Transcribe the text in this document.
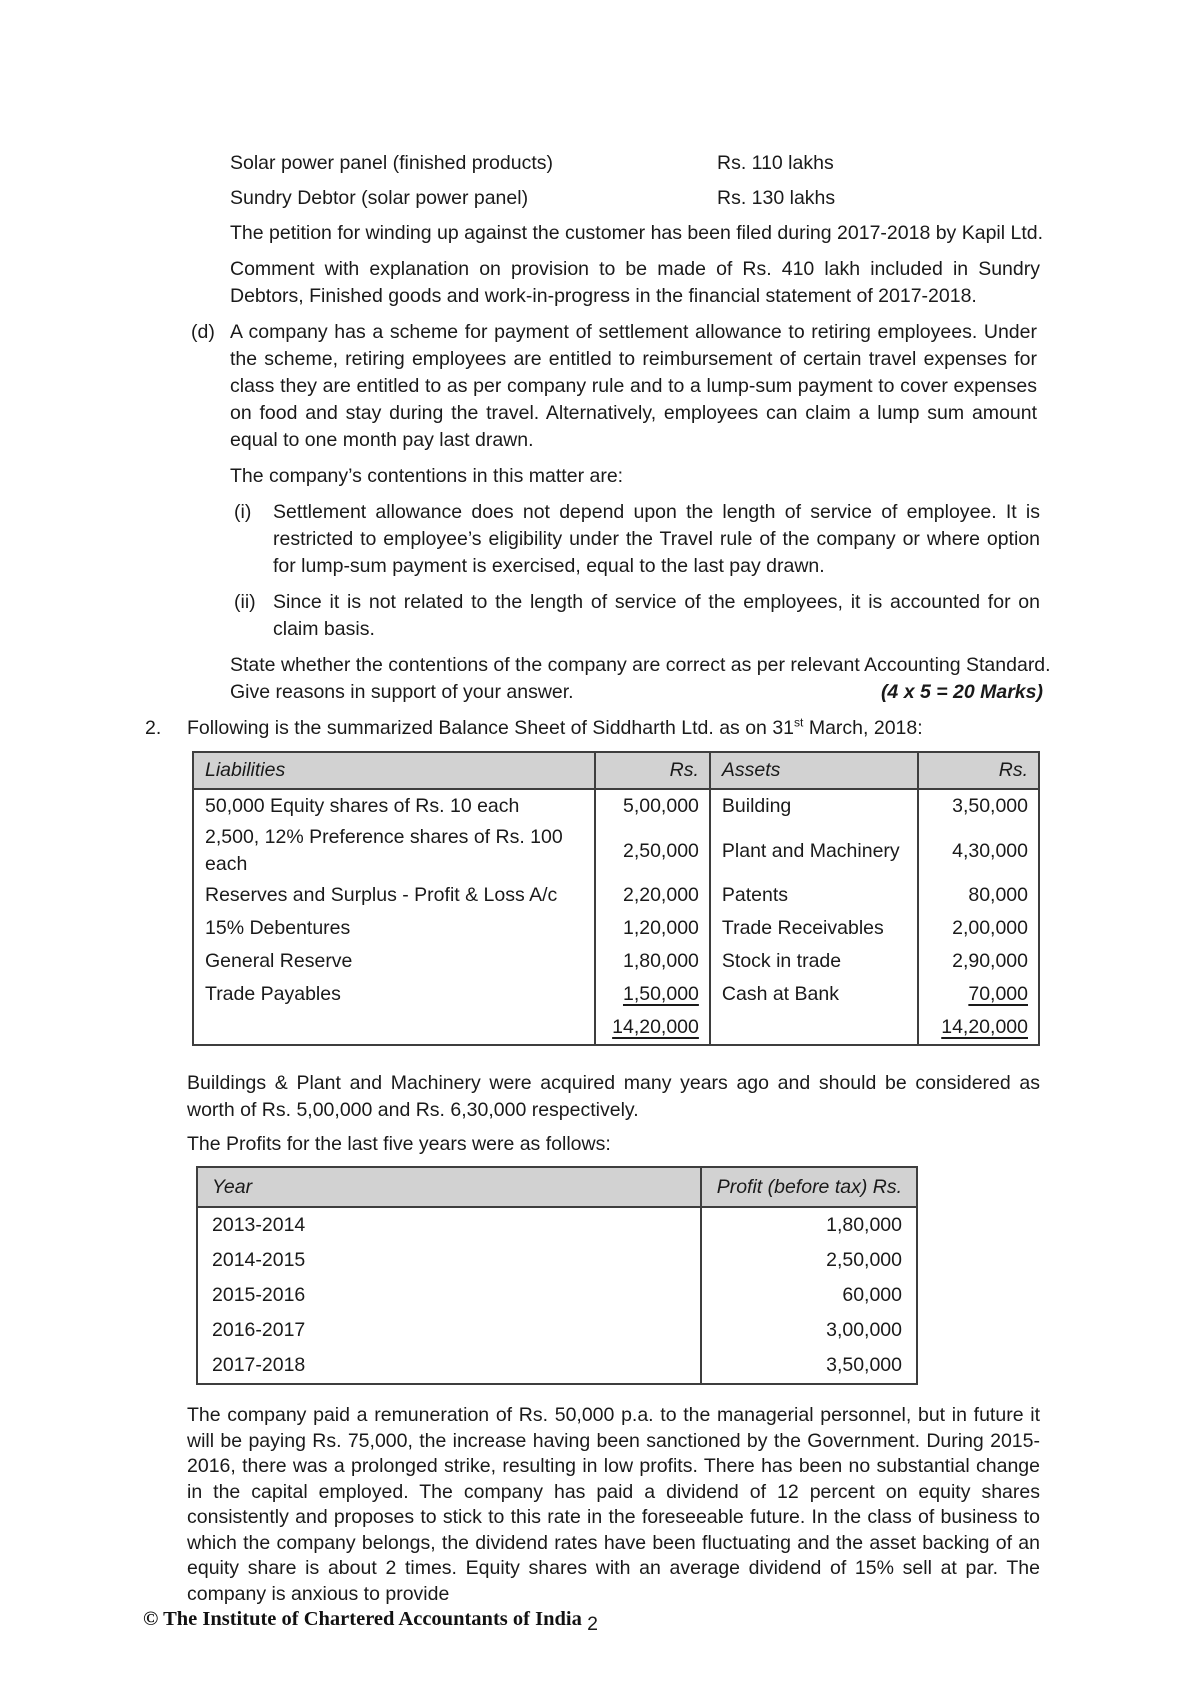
Solar power panel (finished products)	Rs. 110 lakhs
Sundry Debtor (solar power panel)	Rs. 130 lakhs
The petition for winding up against the customer has been filed during 2017-2018 by Kapil Ltd.
Comment with explanation on provision to be made of Rs. 410 lakh included in Sundry Debtors, Finished goods and work-in-progress in the financial statement of 2017-2018.
(d) A company has a scheme for payment of settlement allowance to retiring employees. Under the scheme, retiring employees are entitled to reimbursement of certain travel expenses for class they are entitled to as per company rule and to a lump-sum payment to cover expenses on food and stay during the travel. Alternatively, employees can claim a lump sum amount equal to one month pay last drawn.
The company’s contentions in this matter are:
(i)	Settlement allowance does not depend upon the length of service of employee. It is restricted to employee’s eligibility under the Travel rule of the company or where option for lump-sum payment is exercised, equal to the last pay drawn.
(ii) Since it is not related to the length of service of the employees, it is accounted for on claim basis.
State whether the contentions of the company are correct as per relevant Accounting Standard.
Give reasons in support of your answer.	(4 x 5 = 20 Marks)
2.	Following is the summarized Balance Sheet of Siddharth Ltd. as on 31st March, 2018:
Liabilities	Rs.	Assets	Rs.
50,000 Equity shares of Rs. 10 each	5,00,000	Building	3,50,000
2,500, 12% Preference shares of Rs. 100 each	2,50,000	Plant and Machinery	4,30,000
Reserves and Surplus - Profit & Loss A/c	2,20,000	Patents	80,000
15% Debentures	1,20,000	Trade Receivables	2,00,000
General Reserve	1,80,000	Stock in trade	2,90,000
Trade Payables	1,50,000	Cash at Bank	70,000
	14,20,000		14,20,000
Buildings & Plant and Machinery were acquired many years ago and should be considered as worth of Rs. 5,00,000 and Rs. 6,30,000 respectively.
The Profits for the last five years were as follows:
Year	Profit (before tax) Rs.
2013-2014	1,80,000
2014-2015	2,50,000
2015-2016	60,000
2016-2017	3,00,000
2017-2018	3,50,000
The company paid a remuneration of Rs. 50,000 p.a. to the managerial personnel, but in future it will be paying Rs. 75,000, the increase having been sanctioned by the Government. During 2015-2016, there was a prolonged strike, resulting in low profits. There has been no substantial change in the capital employed. The company has paid a dividend of 12 percent on equity shares consistently and proposes to stick to this rate in the foreseeable future. In the class of business to which the company belongs, the dividend rates have been fluctuating and the asset backing of an equity share is about 2 times. Equity shares with an average dividend of 15% sell at par. The company is anxious to provide
2
© The Institute of Chartered Accountants of India
